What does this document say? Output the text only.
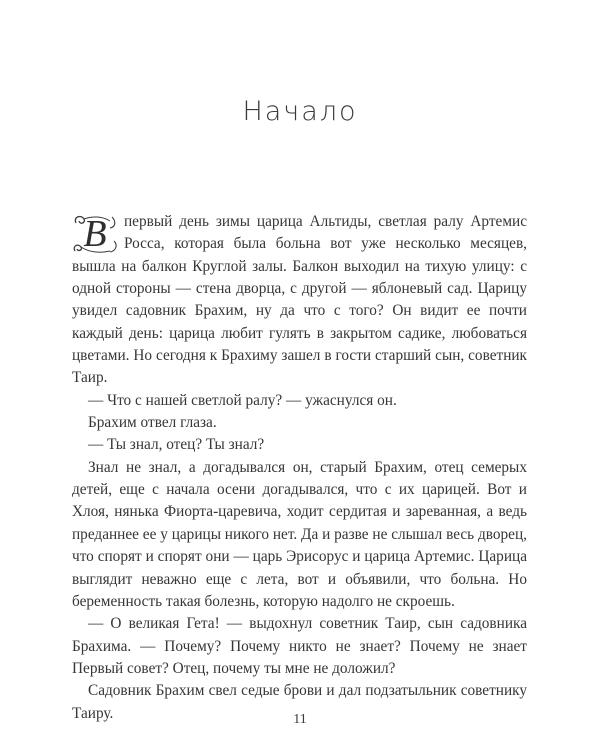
Начало

В первый день зимы царица Альтиды, светлая ралу Артемис Росса, которая была больна вот уже несколько месяцев, вышла на балкон Круглой залы. Балкон выходил на тихую улицу: с одной стороны — стена дворца, с другой — яблоневый сад. Царицу увидел садовник Брахим, ну да что с того? Он видит ее почти каждый день: царица любит гулять в закрытом садике, любоваться цветами. Но сегодня к Брахиму зашел в гости старший сын, советник Таир.

— Что с нашей светлой ралу? — ужаснулся он.

Брахим отвел глаза.

— Ты знал, отец? Ты знал?

Знал не знал, а догадывался он, старый Брахим, отец семерых детей, еще с начала осени догадывался, что с их царицей. Вот и Хлоя, нянька Фиорта-царевича, ходит сердитая и зареванная, а ведь преданнее ее у царицы никого нет. Да и разве не слышал весь дворец, что спорят и спорят они — царь Эрисорус и царица Артемис. Царица выглядит неважно еще с лета, вот и объявили, что больна. Но беременность такая болезнь, которую надолго не скроешь.

— О великая Гета! — выдохнул советник Таир, сын садовника Брахима. — Почему? Почему никто не знает? Почему не знает Первый совет? Отец, почему ты мне не доложил?

Садовник Брахим свел седые брови и дал подзатыльник советнику Таиру.	11
